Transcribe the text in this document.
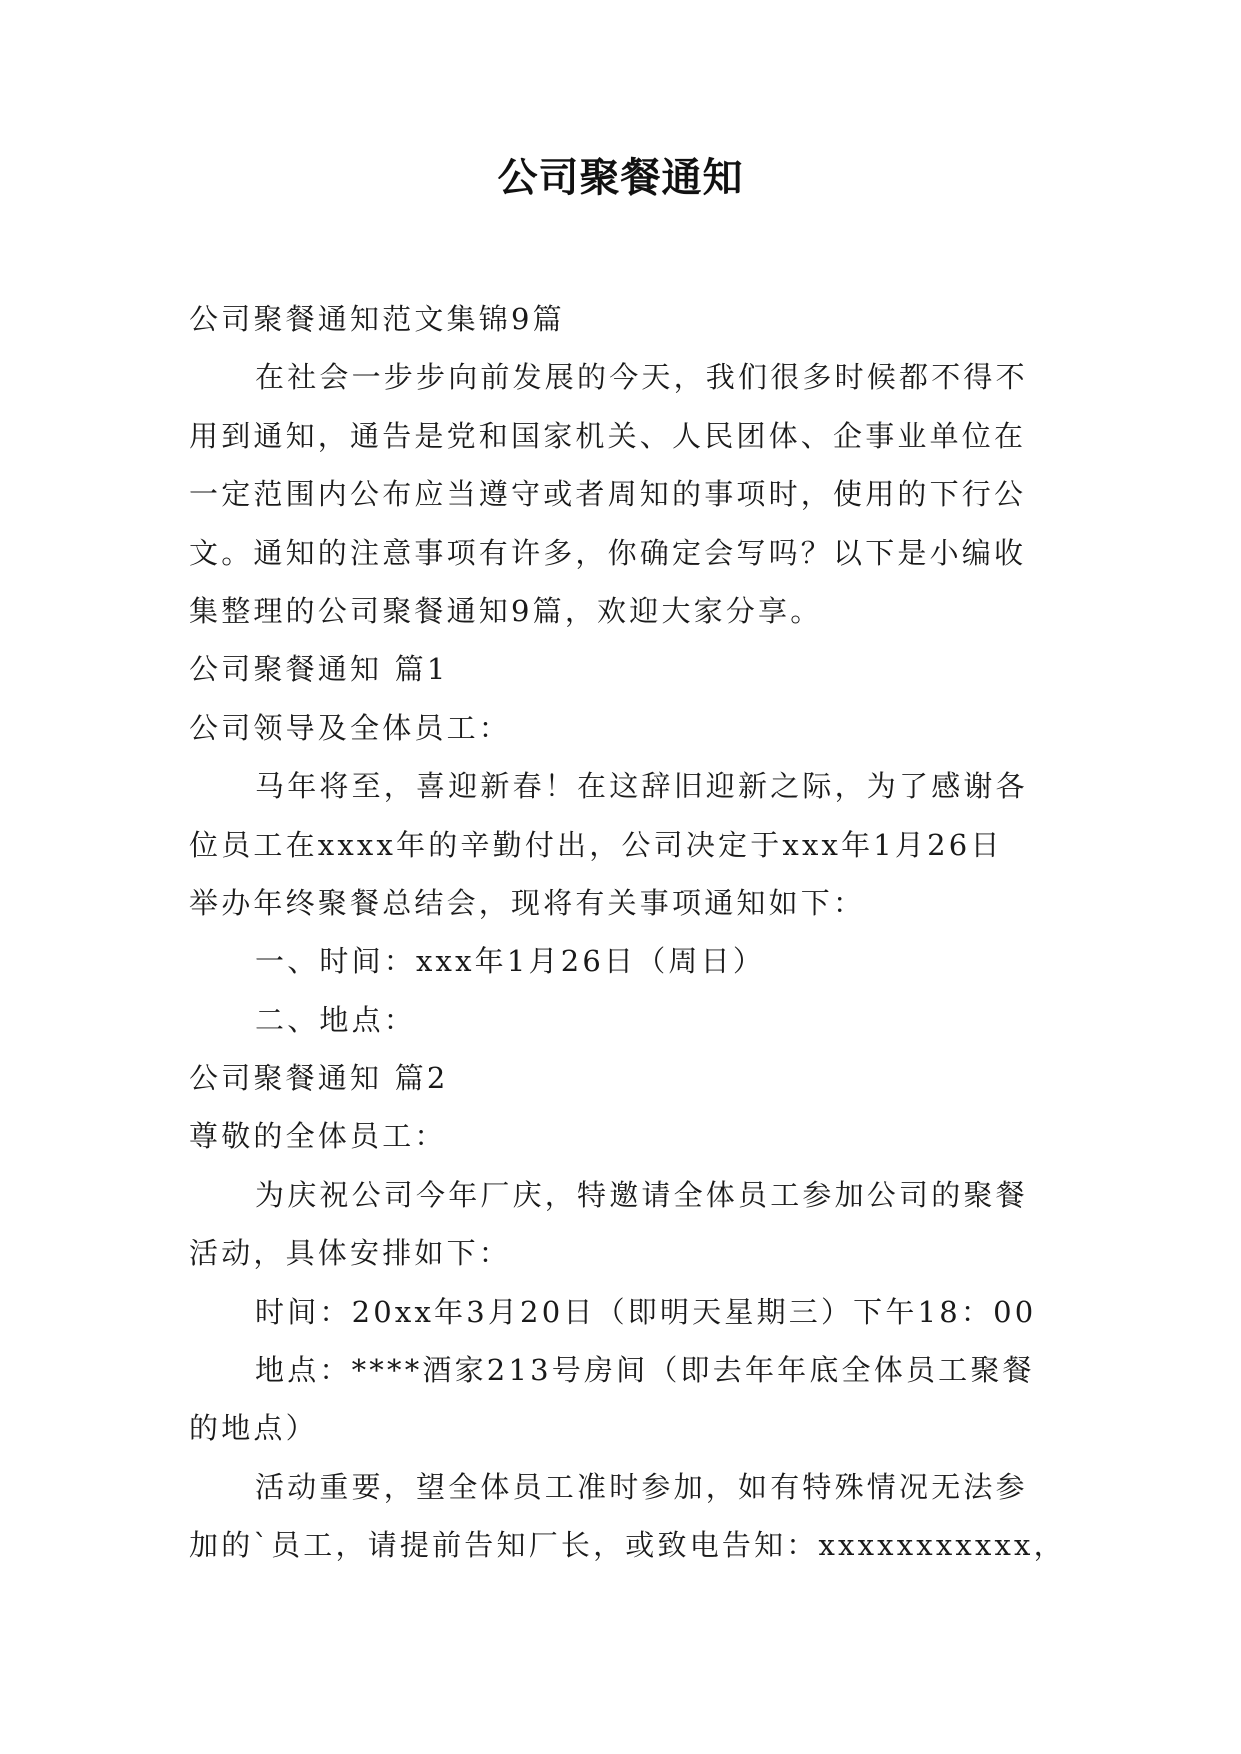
公司聚餐通知
公司聚餐通知范文集锦9篇
在社会一步步向前发展的今天，我们很多时候都不得不
用到通知，通告是党和国家机关、人民团体、企事业单位在
一定范围内公布应当遵守或者周知的事项时，使用的下行公
文。通知的注意事项有许多，你确定会写吗？以下是小编收
集整理的公司聚餐通知9篇，欢迎大家分享。
公司聚餐通知 篇1
公司领导及全体员工：
马年将至，喜迎新春！在这辞旧迎新之际，为了感谢各
位员工在xxxx年的辛勤付出，公司决定于xxx年1月26日
举办年终聚餐总结会，现将有关事项通知如下：
一、时间：xxx年1月26日（周日）
二、地点：
公司聚餐通知 篇2
尊敬的全体员工：
为庆祝公司今年厂庆，特邀请全体员工参加公司的聚餐
活动，具体安排如下：
时间：20xx年3月20日（即明天星期三）下午18：00
地点：****酒家213号房间（即去年年底全体员工聚餐
的地点）
活动重要，望全体员工准时参加，如有特殊情况无法参
加的`员工，请提前告知厂长，或致电告知：xxxxxxxxxxx，
